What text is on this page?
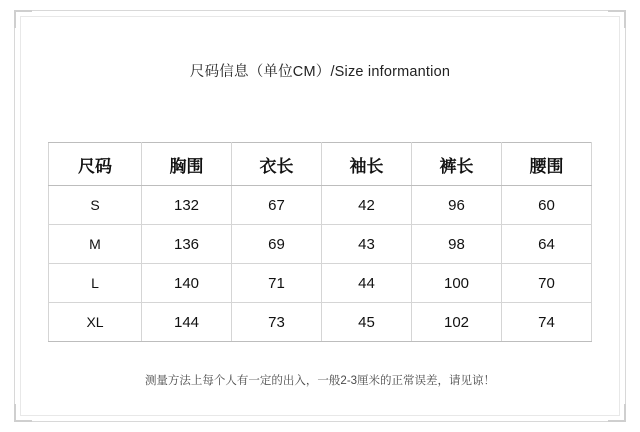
尺码信息（单位CM）/Size informantion
尺码	胸围	衣长	袖长	裤长	腰围
S	132	67	42	96	60
M	136	69	43	98	64
L	140	71	44	100	70
XL	144	73	45	102	74
测量方法上每个人有一定的出入，一般2-3厘米的正常误差，请见谅！
